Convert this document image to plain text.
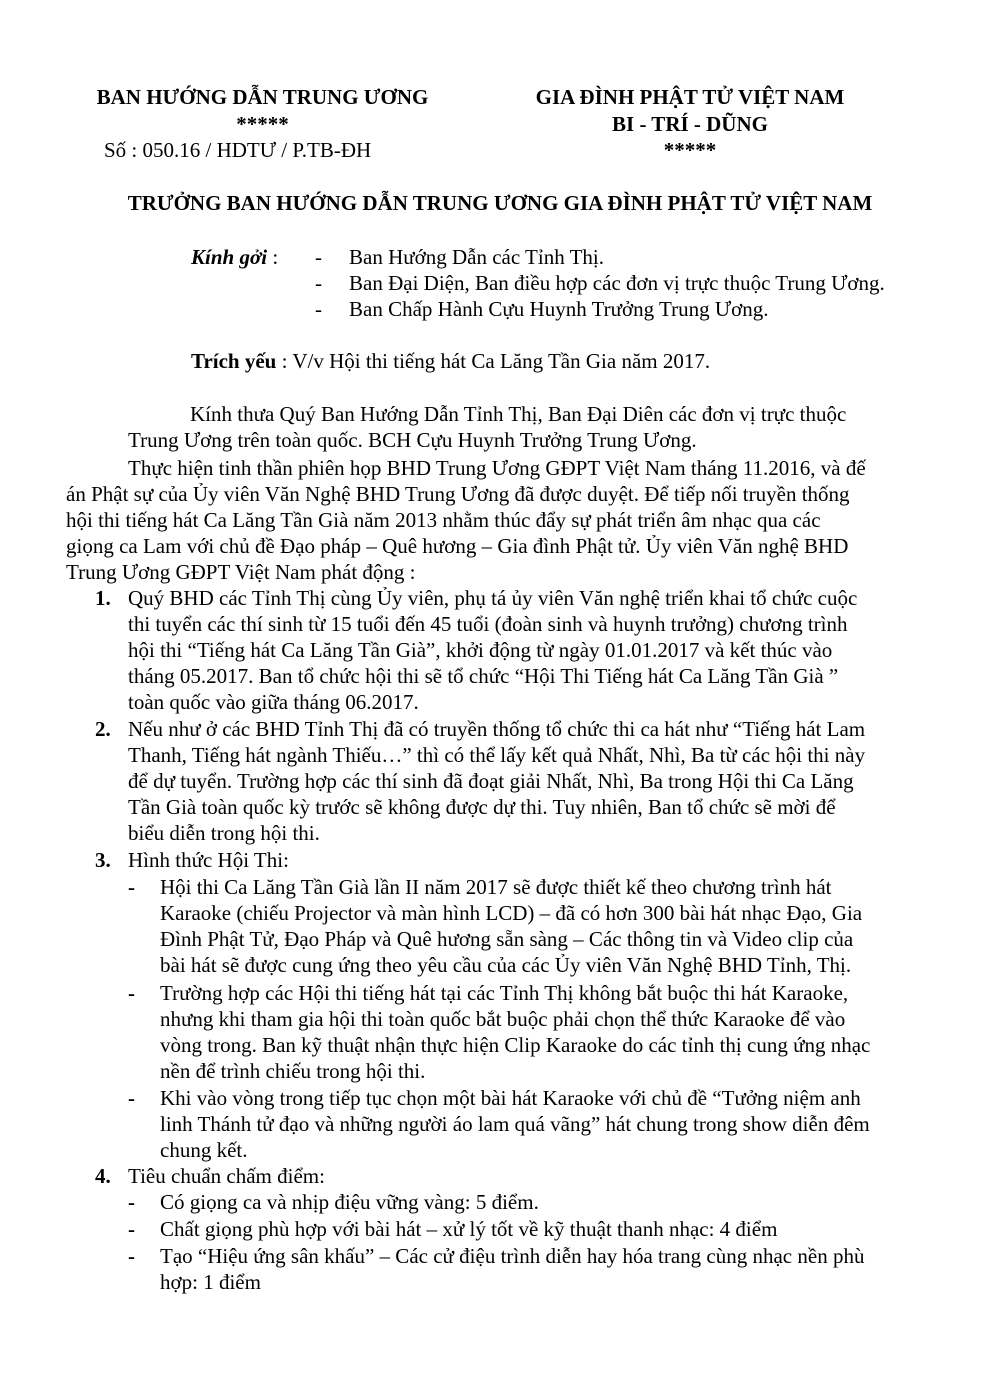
BAN HƯỚNG DẪN TRUNG ƯƠNG
*****
Số : 050.16 / HDTƯ / P.TB-ĐH
GIA ĐÌNH PHẬT TỬ VIỆT NAM
BI - TRÍ - DŨNG
*****
TRƯỞNG BAN HƯỚNG DẪN TRUNG ƯƠNG GIA ĐÌNH PHẬT TỬ VIỆT NAM
Kính gởi : - Ban Hướng Dẫn các Tỉnh Thị.
- Ban Đại Diện, Ban điều hợp các đơn vị trực thuộc Trung Ương.
- Ban Chấp Hành Cựu Huynh Trưởng Trung Ương.
Trích yếu : V/v Hội thi tiếng hát Ca Lăng Tần Gia năm 2017.
Kính thưa Quý Ban Hướng Dẫn Tỉnh Thị, Ban Đại Diên các đơn vị trực thuộc
Trung Ương trên toàn quốc. BCH Cựu Huynh Trưởng Trung Ương.
Thực hiện tinh thần phiên họp BHD Trung Ương GĐPT Việt Nam tháng 11.2016, và đế
án Phật sự của Ủy viên Văn Nghệ BHD Trung Ương đã được duyệt. Để tiếp nối truyền thống
hội thi tiếng hát Ca Lăng Tần Già năm 2013 nhằm thúc đẩy sự phát triển âm nhạc qua các
giọng ca Lam với chủ đề Đạo pháp – Quê hương – Gia đình Phật tử. Ủy viên Văn nghệ BHD
Trung Ương GĐPT Việt Nam phát động :
1. Quý BHD các Tỉnh Thị cùng Ủy viên, phụ tá ủy viên Văn nghệ triển khai tổ chức cuộc
thi tuyển các thí sinh từ 15 tuổi đến 45 tuổi (đoàn sinh và huynh trưởng) chương trình
hội thi “Tiếng hát Ca Lăng Tần Già”, khởi động từ ngày 01.01.2017 và kết thúc vào
tháng 05.2017. Ban tổ chức hội thi sẽ tổ chức “Hội Thi Tiếng hát Ca Lăng Tần Già ”
toàn quốc vào giữa tháng 06.2017.
2. Nếu như ở các BHD Tỉnh Thị đã có truyền thống tổ chức thi ca hát như “Tiếng hát Lam
Thanh, Tiếng hát ngành Thiếu…” thì có thể lấy kết quả Nhất, Nhì, Ba từ các hội thi này
để dự tuyển. Trường hợp các thí sinh đã đoạt giải Nhất, Nhì, Ba trong Hội thi Ca Lăng
Tần Già toàn quốc kỳ trước sẽ không được dự thi. Tuy nhiên, Ban tổ chức sẽ mời để
biểu diễn trong hội thi.
3. Hình thức Hội Thi:
- Hội thi Ca Lăng Tần Già lần II năm 2017 sẽ được thiết kế theo chương trình hát
Karaoke (chiếu Projector và màn hình LCD) – đã có hơn 300 bài hát nhạc Đạo, Gia
Đình Phật Tử, Đạo Pháp và Quê hương sẵn sàng – Các thông tin và Video clip của
bài hát sẽ được cung ứng theo yêu cầu của các Ủy viên Văn Nghệ BHD Tỉnh, Thị.
- Trường hợp các Hội thi tiếng hát tại các Tỉnh Thị không bắt buộc thi hát Karaoke,
nhưng khi tham gia hội thi toàn quốc bắt buộc phải chọn thể thức Karaoke để vào
vòng trong. Ban kỹ thuật nhận thực hiện Clip Karaoke do các tỉnh thị cung ứng nhạc
nền để trình chiếu trong hội thi.
- Khi vào vòng trong tiếp tục chọn một bài hát Karaoke với chủ đề “Tưởng niệm anh
linh Thánh tử đạo và những người áo lam quá vãng” hát chung trong show diễn đêm
chung kết.
4. Tiêu chuẩn chấm điểm:
- Có giọng ca và nhịp điệu vững vàng: 5 điểm.
- Chất giọng phù hợp với bài hát – xử lý tốt về kỹ thuật thanh nhạc: 4 điểm
- Tạo “Hiệu ứng sân khấu” – Các cử điệu trình diễn hay hóa trang cùng nhạc nền phù
hợp: 1 điểm
